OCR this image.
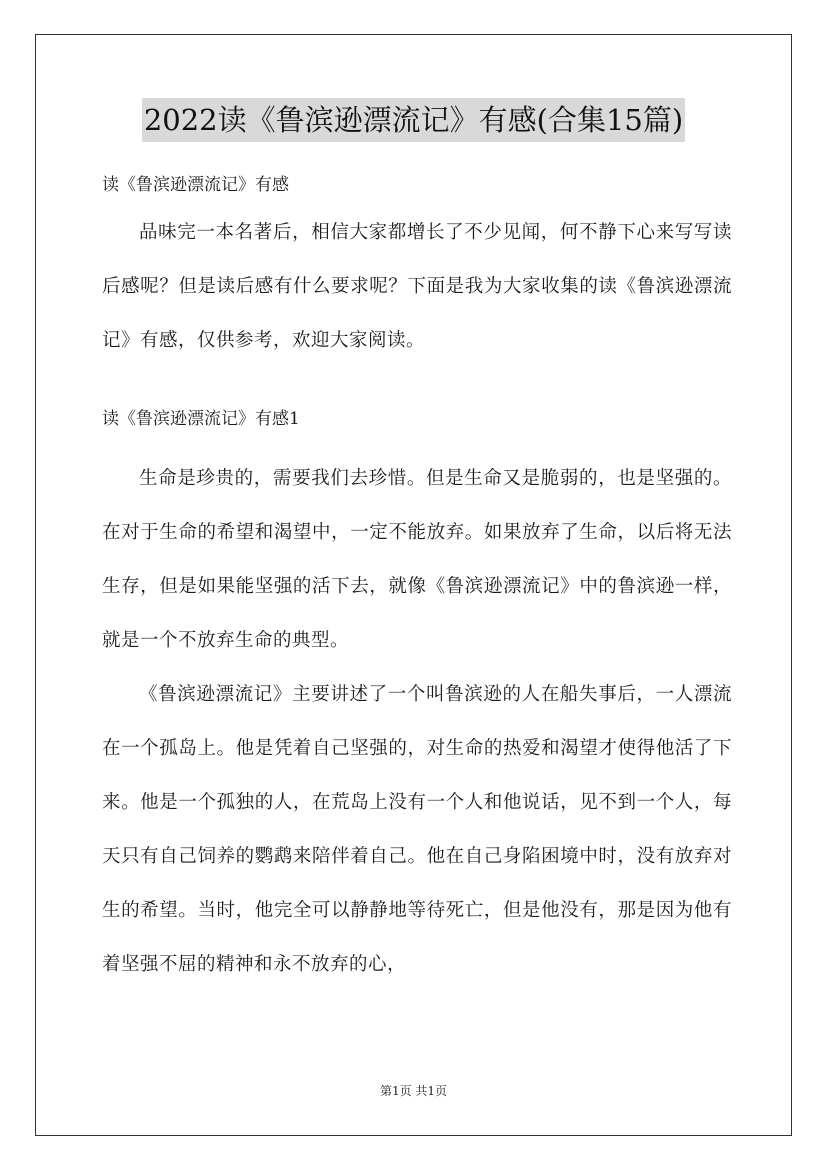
2022读《鲁滨逊漂流记》有感(合集15篇)

读《鲁滨逊漂流记》有感

品味完一本名著后，相信大家都增长了不少见闻，何不静下心来写写读后感呢？但是读后感有什么要求呢？下面是我为大家收集的读《鲁滨逊漂流记》有感，仅供参考，欢迎大家阅读。

读《鲁滨逊漂流记》有感1

生命是珍贵的，需要我们去珍惜。但是生命又是脆弱的，也是坚强的。在对于生命的希望和渴望中，一定不能放弃。如果放弃了生命，以后将无法生存，但是如果能坚强的活下去，就像《鲁滨逊漂流记》中的鲁滨逊一样，就是一个不放弃生命的典型。

《鲁滨逊漂流记》主要讲述了一个叫鲁滨逊的人在船失事后，一人漂流在一个孤岛上。他是凭着自己坚强的，对生命的热爱和渴望才使得他活了下来。他是一个孤独的人，在荒岛上没有一个人和他说话，见不到一个人，每天只有自己饲养的鹦鹉来陪伴着自己。他在自己身陷困境中时，没有放弃对生的希望。当时，他完全可以静静地等待死亡，但是他没有，那是因为他有着坚强不屈的精神和永不放弃的心，

第1页 共1页
